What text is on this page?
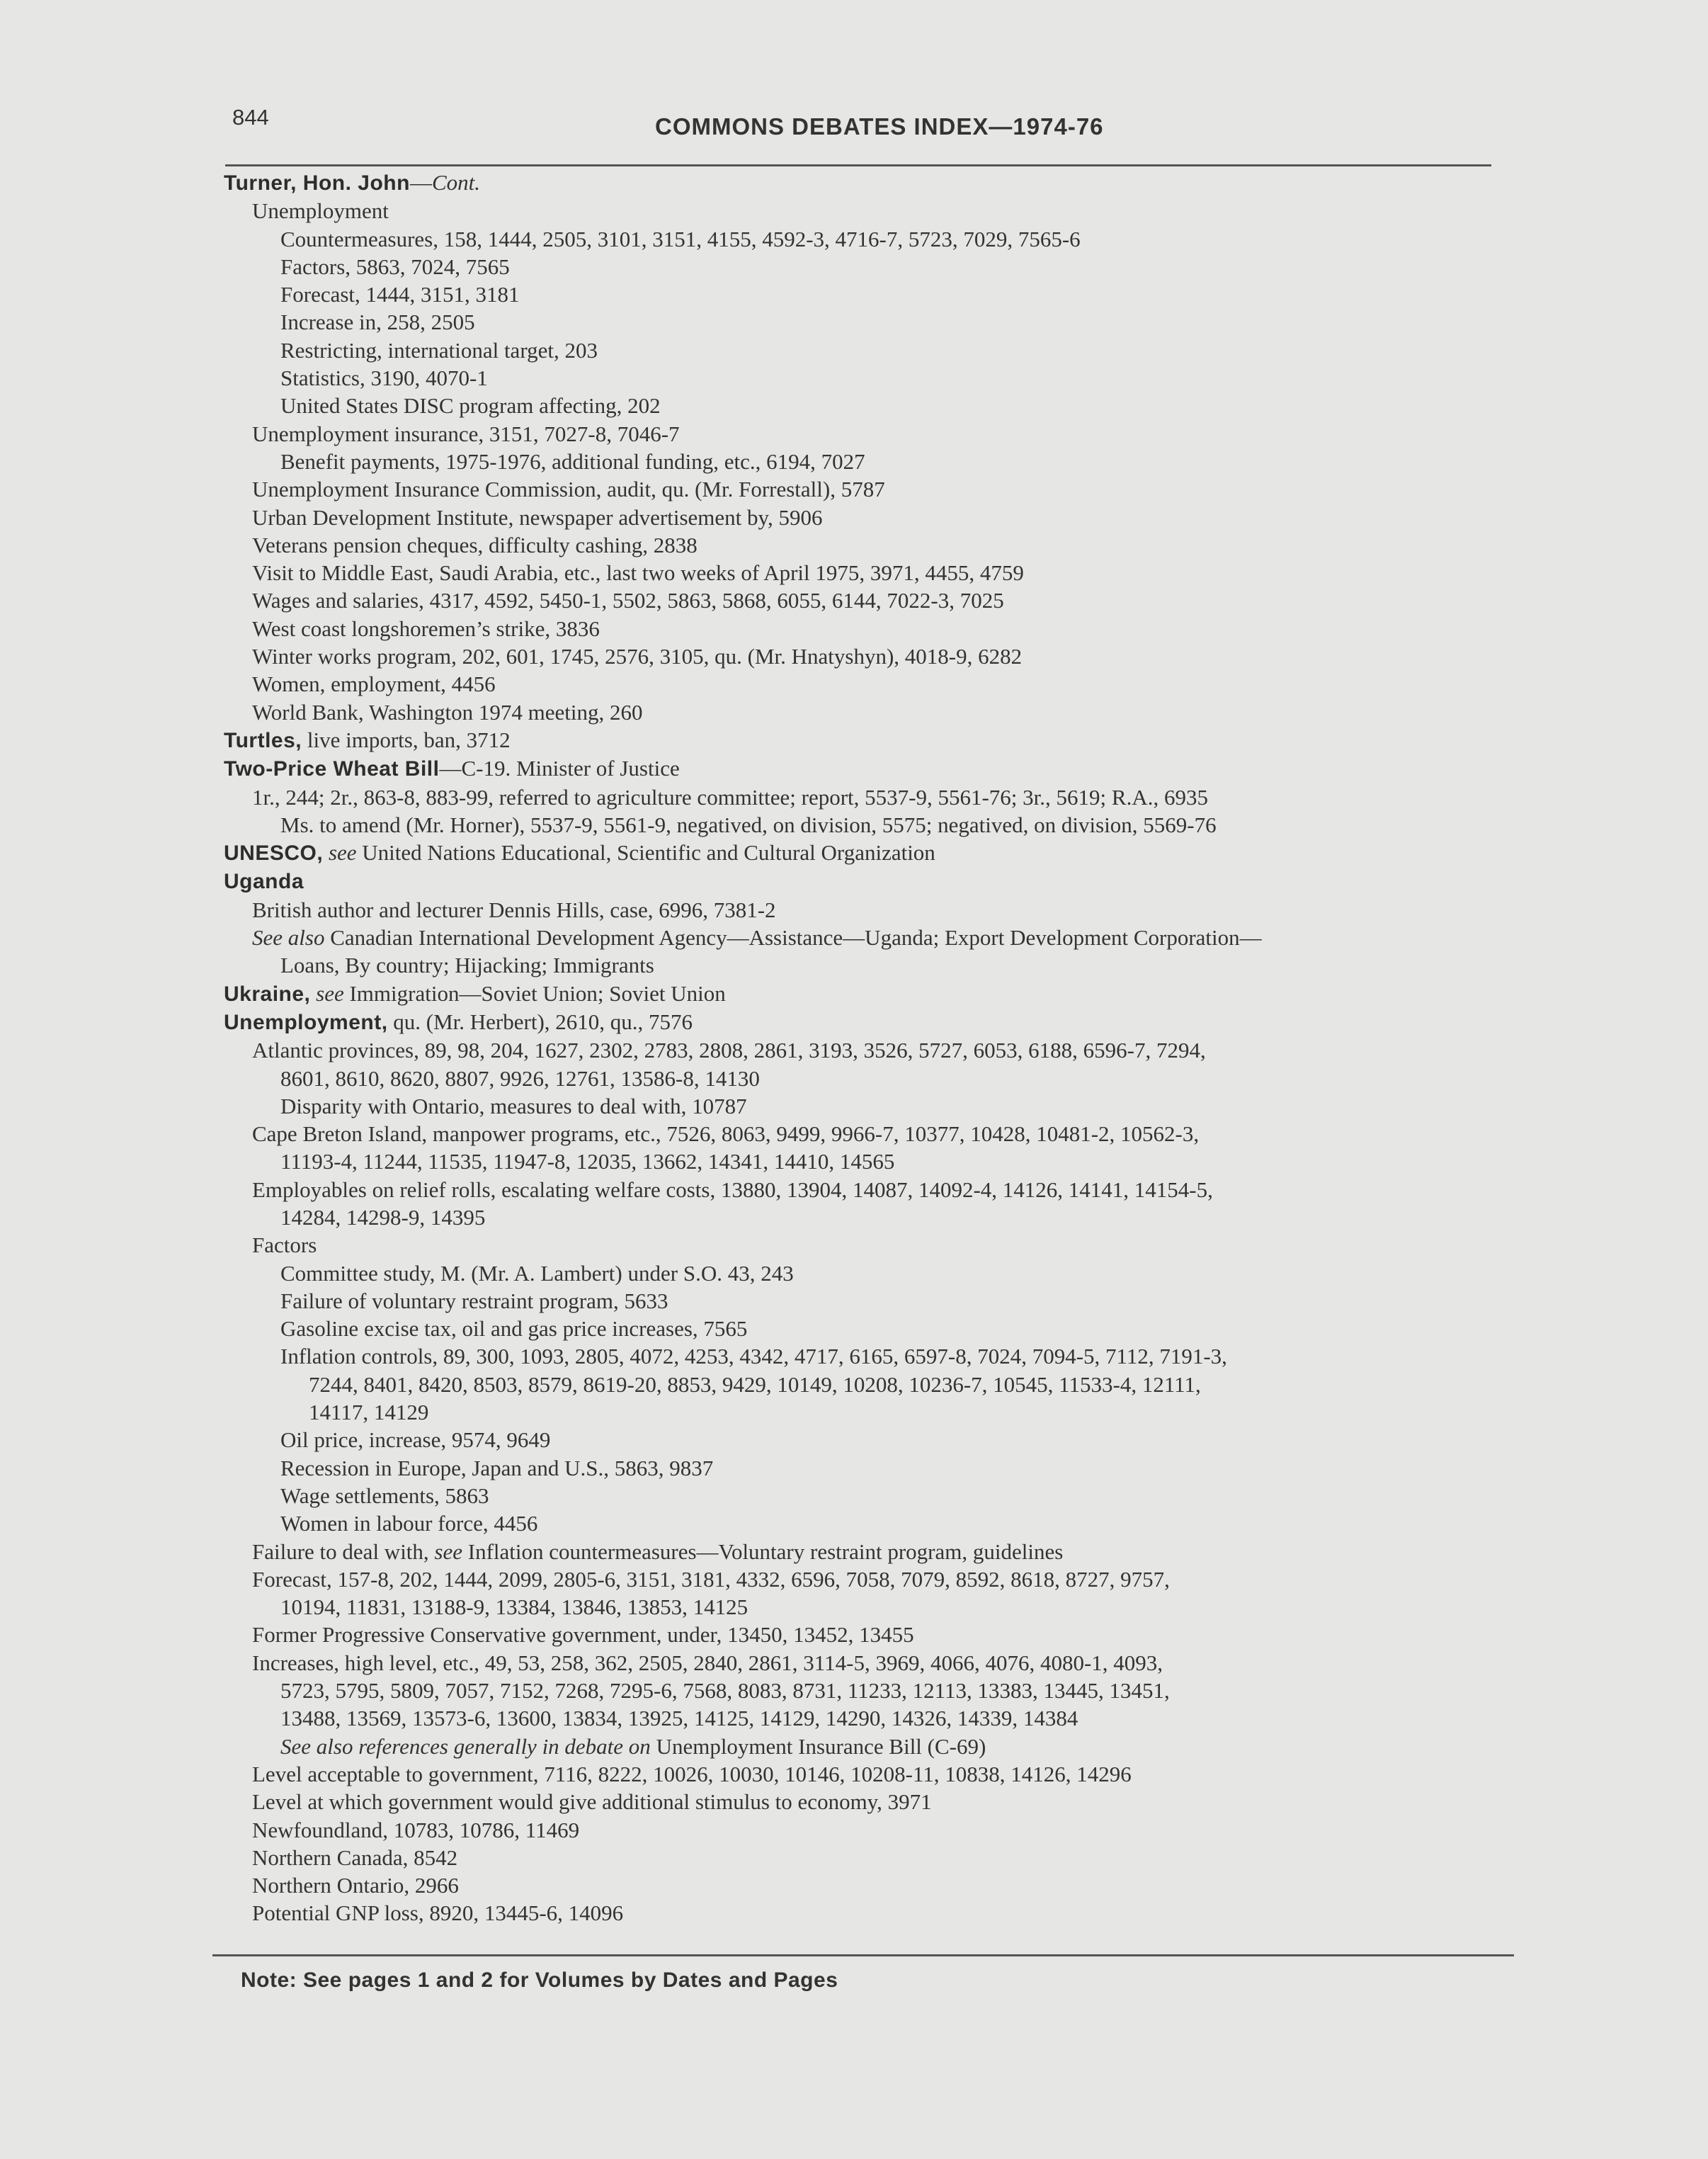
844	COMMONS DEBATES INDEX—1974-76
Turner, Hon. John—Cont.
Unemployment
Countermeasures, 158, 1444, 2505, 3101, 3151, 4155, 4592-3, 4716-7, 5723, 7029, 7565-6
Factors, 5863, 7024, 7565
Forecast, 1444, 3151, 3181
Increase in, 258, 2505
Restricting, international target, 203
Statistics, 3190, 4070-1
United States DISC program affecting, 202
Unemployment insurance, 3151, 7027-8, 7046-7
Benefit payments, 1975-1976, additional funding, etc., 6194, 7027
Unemployment Insurance Commission, audit, qu. (Mr. Forrestall), 5787
Urban Development Institute, newspaper advertisement by, 5906
Veterans pension cheques, difficulty cashing, 2838
Visit to Middle East, Saudi Arabia, etc., last two weeks of April 1975, 3971, 4455, 4759
Wages and salaries, 4317, 4592, 5450-1, 5502, 5863, 5868, 6055, 6144, 7022-3, 7025
West coast longshoremen’s strike, 3836
Winter works program, 202, 601, 1745, 2576, 3105, qu. (Mr. Hnatyshyn), 4018-9, 6282
Women, employment, 4456
World Bank, Washington 1974 meeting, 260
Turtles, live imports, ban, 3712
Two-Price Wheat Bill—C-19. Minister of Justice
1r., 244; 2r., 863-8, 883-99, referred to agriculture committee; report, 5537-9, 5561-76; 3r., 5619; R.A., 6935
Ms. to amend (Mr. Horner), 5537-9, 5561-9, negatived, on division, 5575; negatived, on division, 5569-76
UNESCO, see United Nations Educational, Scientific and Cultural Organization
Uganda
British author and lecturer Dennis Hills, case, 6996, 7381-2
See also Canadian International Development Agency—Assistance—Uganda; Export Development Corporation—
Loans, By country; Hijacking; Immigrants
Ukraine, see Immigration—Soviet Union; Soviet Union
Unemployment, qu. (Mr. Herbert), 2610, qu., 7576
Atlantic provinces, 89, 98, 204, 1627, 2302, 2783, 2808, 2861, 3193, 3526, 5727, 6053, 6188, 6596-7, 7294,
8601, 8610, 8620, 8807, 9926, 12761, 13586-8, 14130
Disparity with Ontario, measures to deal with, 10787
Cape Breton Island, manpower programs, etc., 7526, 8063, 9499, 9966-7, 10377, 10428, 10481-2, 10562-3,
11193-4, 11244, 11535, 11947-8, 12035, 13662, 14341, 14410, 14565
Employables on relief rolls, escalating welfare costs, 13880, 13904, 14087, 14092-4, 14126, 14141, 14154-5,
14284, 14298-9, 14395
Factors
Committee study, M. (Mr. A. Lambert) under S.O. 43, 243
Failure of voluntary restraint program, 5633
Gasoline excise tax, oil and gas price increases, 7565
Inflation controls, 89, 300, 1093, 2805, 4072, 4253, 4342, 4717, 6165, 6597-8, 7024, 7094-5, 7112, 7191-3,
7244, 8401, 8420, 8503, 8579, 8619-20, 8853, 9429, 10149, 10208, 10236-7, 10545, 11533-4, 12111,
14117, 14129
Oil price, increase, 9574, 9649
Recession in Europe, Japan and U.S., 5863, 9837
Wage settlements, 5863
Women in labour force, 4456
Failure to deal with, see Inflation countermeasures—Voluntary restraint program, guidelines
Forecast, 157-8, 202, 1444, 2099, 2805-6, 3151, 3181, 4332, 6596, 7058, 7079, 8592, 8618, 8727, 9757,
10194, 11831, 13188-9, 13384, 13846, 13853, 14125
Former Progressive Conservative government, under, 13450, 13452, 13455
Increases, high level, etc., 49, 53, 258, 362, 2505, 2840, 2861, 3114-5, 3969, 4066, 4076, 4080-1, 4093,
5723, 5795, 5809, 7057, 7152, 7268, 7295-6, 7568, 8083, 8731, 11233, 12113, 13383, 13445, 13451,
13488, 13569, 13573-6, 13600, 13834, 13925, 14125, 14129, 14290, 14326, 14339, 14384
See also references generally in debate on Unemployment Insurance Bill (C-69)
Level acceptable to government, 7116, 8222, 10026, 10030, 10146, 10208-11, 10838, 14126, 14296
Level at which government would give additional stimulus to economy, 3971
Newfoundland, 10783, 10786, 11469
Northern Canada, 8542
Northern Ontario, 2966
Potential GNP loss, 8920, 13445-6, 14096
Note: See pages 1 and 2 for Volumes by Dates and Pages
